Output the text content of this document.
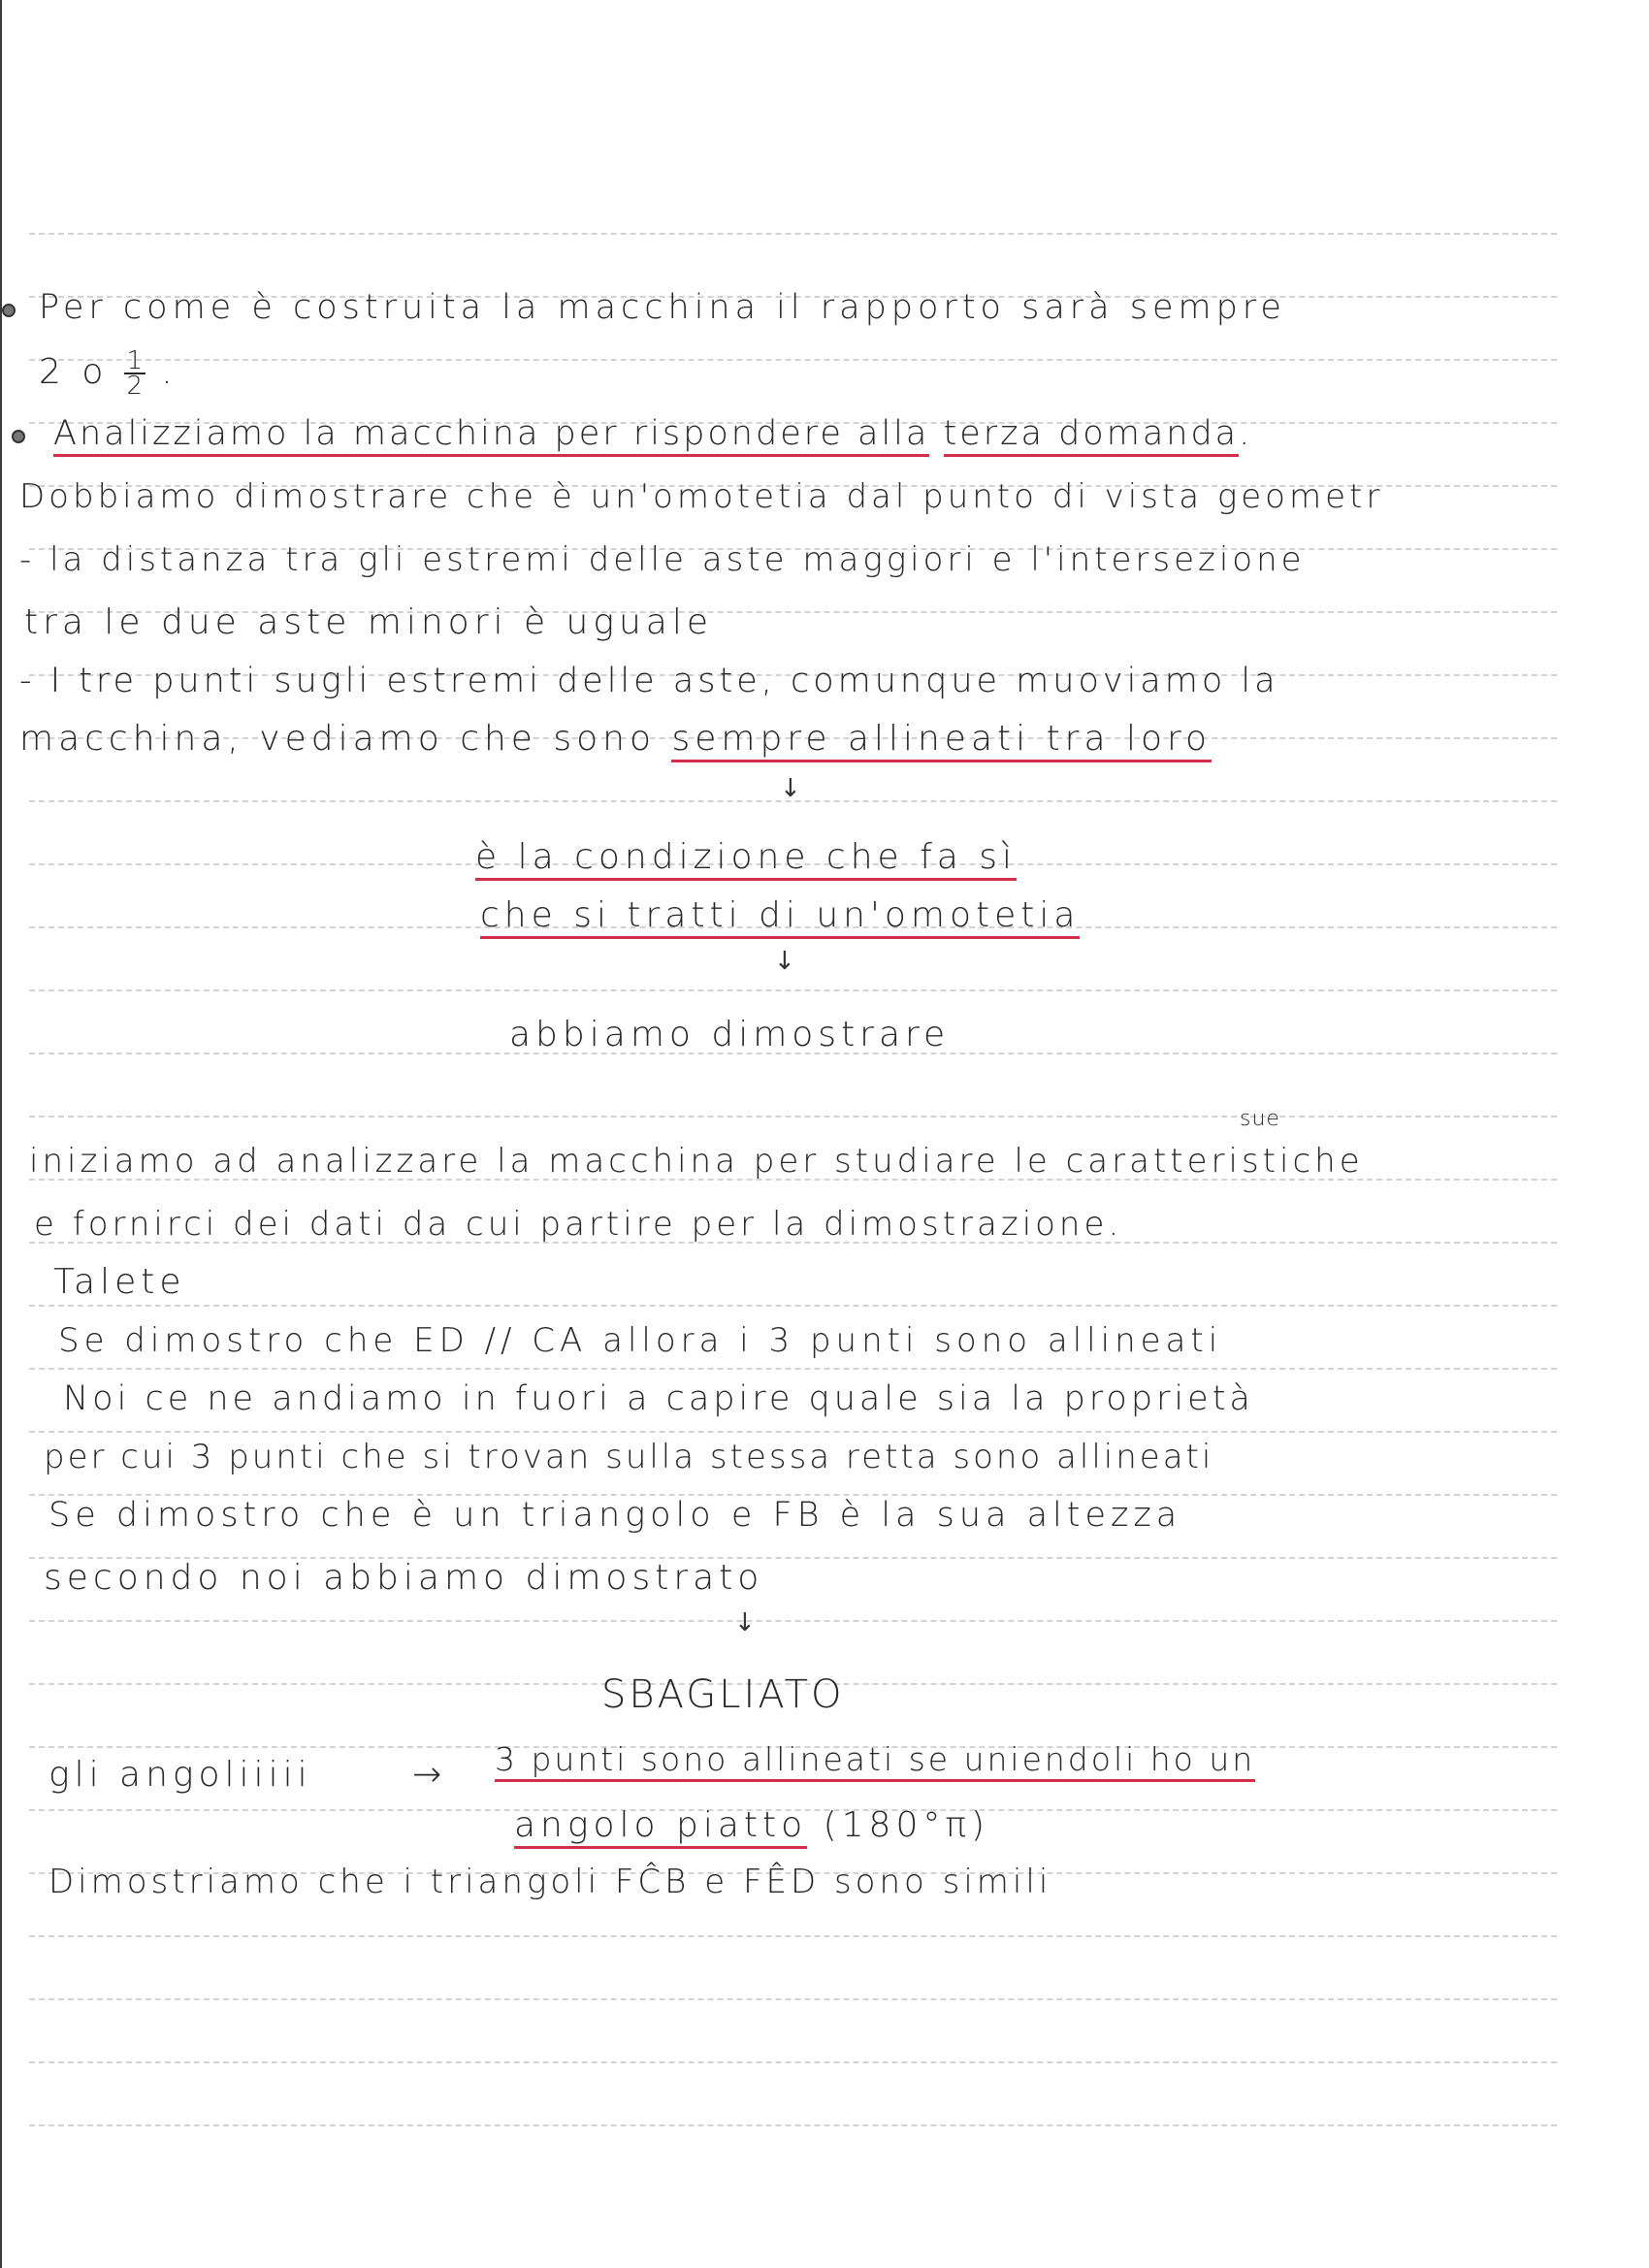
Per come è costruita la macchina il rapporto sarà sempre
2 o $\frac{1}{2}$ .
Analizziamo la macchina per rispondere alla terza domanda.
Dobbiamo dimostrare che è un'omotetia dal punto di vista geometr
- la distanza tra gli estremi delle aste maggiori e l'intersezione
tra le due aste minori è uguale
- I tre punti sugli estremi delle aste, comunque muoviamo la
macchina, vediamo che sono sempre allineati tra loro
↓
è la condizione che fa sì
che si tratti di un'omotetia
↓
abbiamo dimostrare
sue
iniziamo ad analizzare la macchina per studiare le caratteristiche
e fornirci dei dati da cui partire per la dimostrazione.
Talete
Se dimostro che ED // CA allora i 3 punti sono allineati
Noi ce ne andiamo in fuori a capire quale sia la proprietà
per cui 3 punti che si trovan sulla stessa retta sono allineati
Se dimostro che è un triangolo e FB è la sua altezza
secondo noi abbiamo dimostrato
↓
SBAGLIATO
gli angoliiiii	→ 3 punti sono allineati se uniendoli ho un
angolo piatto (180°π)
Dimostriamo che i triangoli FĈB e FÊD sono simili
